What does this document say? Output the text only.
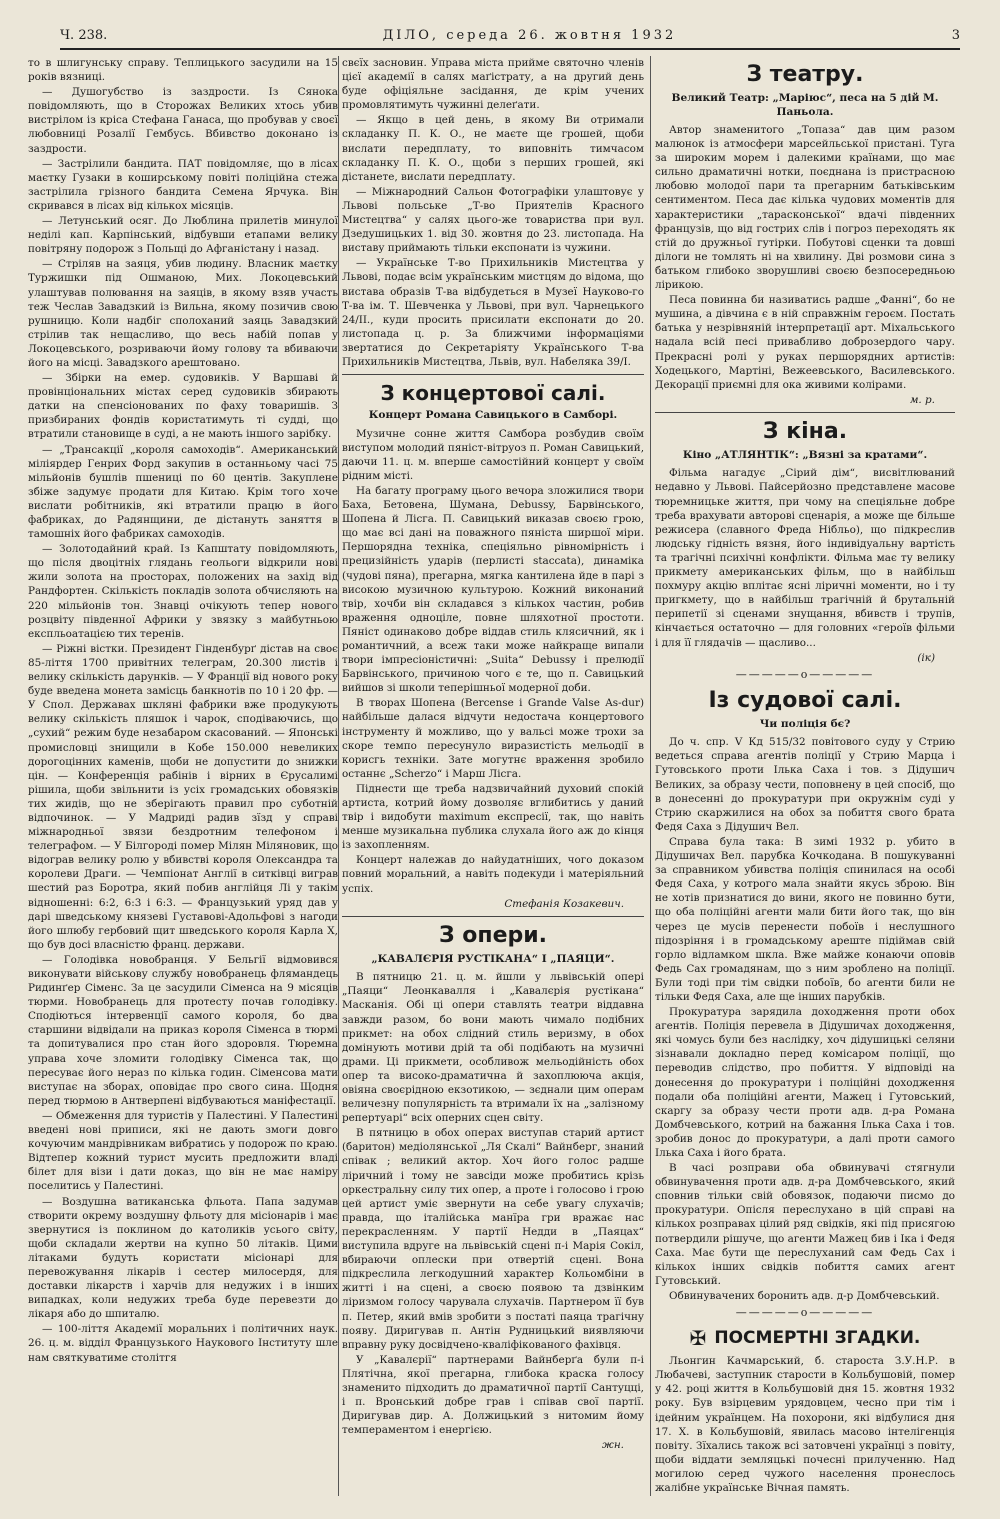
Ч. 238.	ДІЛО, середа 26. жовтня 1932	3

то в шлигунську справу. Теплицького засудили на 15 років вязниці.

— Душогубство із заздрости. Із Сянока повідомляють, що в Сторожах Великих хтось убив вистрілом із кріса Стефана Ганаса, що пробував у своєї любовниці Розалії Гембусь. Вбивство доконано із заздрости.

— Застрілили бандита. ПАТ повідомляє, що в лісах маєтку Гузаки в коширському повіті поліційна стежа застрілила грізного бандита Семена Ярчука. Він скривався в лісах від кількох місяців.

— Летунський осяг. До Люблина прилетів минулої неділі кап. Карпінський, відбувши етапами велику повітряну подорож з Польщі до Афганістану і назад.

— Стріляв на заяця, убив людину. Власник маєтку Туржишки під Ошманою, Мих. Локоцевський улаштував полювання на заяців, в якому взяв участь теж Чеслав Завадзкий із Вильна, якому позичив свою рушницю. Коли надбіг сполоханий заяць Завадзкий стрілив так нещасливо, що весь набій попав у Локоцевського, розриваючи йому голову та вбиваючи його на місці. Завадзкого арештовано.

— Збірки на емер. судовиків. У Варшаві й провінціональних містах серед судовиків збирають датки на спенсіонованих по фаху товаришів. З призбираних фондів користатимуть ті судді, що втратили становище в суді, а не мають іншого зарібку.

— „Трансакції „короля самоходів“. Американський міліярдер Генрих Форд закупив в останньому часі 75 мільйонів бушлів пшениці по 60 центів. Закуплене збіже задумує продати для Китаю. Крім того хоче вислати робітників, які втратили працю в його фабриках, до Радянщини, де дістануть заняття в тамошніх його фабриках самоходів.

— Золотодайний край. Із Капштату повідомляють, що після двоцітніх глядань геольоги відкрили нові жили золота на просторах, положених на захід від Рандфортен. Скількість покладів золота обчисляють на 220 мільйонів тон. Знавці очікують тепер нового розцвіту південної Африки у звязку з майбутньою експльоатацією тих теренів.

— Ріжні вістки. Президент Гінденбурґ дістав на своє 85-ліття 1700 привітних телеграм, 20.300 листів і велику скількість дарунків. — У Франції від нового року буде введена монета замісць банкнотів по 10 і 20 фр. — У Спол. Державах шкляні фабрики вже продукують велику скількість пляшок і чарок, сподіваючись, що „сухий“ режим буде незабаром скасований. — Японські промисловці знищили в Кобе 150.000 невеликих дорогоцінних каменів, щоби не допустити до знижки цін. — Конференція рабінів і вірних в Єрусалимі рішила, щоби звільнити із усіх громадських обовязків тих жидів, що не зберігають правил про суботній відпочинок. — У Мадриді радив зїзд у справі міжнародньої звязи бездротним телефоном і телеграфом. — У Білгороді помер Мілян Міляновик, що відограв велику ролю у вбивстві короля Олександра та королеви Драги. — Чемпіонат Англії в ситківці виграв шестий раз Боротра, який побив англійця Лі у такім відношенні: 6:2, 6:3 і 6:3. — Французький уряд дав у дарі шведському князеві Густавові-Адольфові з нагоди його шлюбу гербовий щит шведського короля Карла Х, що був досі власністю франц. держави.

— Голодівка новобранця. У Бельгії відмовився виконувати військову службу новобранець флямандець Ридинґер Сіменс. За це засудили Сіменса на 9 місяців тюрми. Новобранець для протесту почав голодівку. Сподіються інтервенції самого короля, бо два старшини відвідали на приказ короля Сіменса в тюрмі та допитувалися про стан його здоровля. Тюремна управа хоче зломити голодівку Сіменса так, що пересуває його нераз по кілька годин. Сіменсова мати виступає на зборах, оповідає про свого сина. Щодня перед тюрмою в Антверпені відбуваються маніфестації.

— Обмеження для туристів у Палестині. У Палестині введені нові приписи, які не дають змоги довго кочуючим мандрівникам вибратись у подорож по краю. Відтепер кожний турист мусить предложити владі білет для візи і дати доказ, що він не має наміру поселитись у Палестині.

— Воздушна ватиканська фльота. Папа задумав створити окрему воздушну фльоту для місіонарів і має звернутися із поклином до католиків усього світу, щоби складали жертви на купно 50 літаків. Цими літаками будуть користати місіонарі для перевожування лікарів і сестер милосердя, для доставки лікарств і харчів для недужих і в інших випадках, коли недужих треба буде перевезти до лікаря або до шпиталю.

— 100-ліття Академії моральних і політичних наук. 26. ц. м. відділ Французького Наукового Інституту шле нам святкуватиме столітгя

свєїх засновин. Управа міста прийме святочно членів цієї академії в салях маґістрату, а на другий день буде офіціяльне засідання, де крім учених промовлятимуть чужинні делеґати.

— Якщо в цей день, в якому Ви отримали складанку П. К. О., не маєте ще грошей, щоби вислати передплату, то виповніть тимчасом складанку П. К. О., щоби з перших грошей, які дістанете, вислати передплату.

— Міжнародний Сальон Фотографіки улаштовує у Львові польське „Т-во Приятелів Красного Мистецтва“ у салях цього-же товариства при вул. Дзедушицьких 1. від 30. жовтня до 23. листопада. На виставу приймають тільки експонати із чужини.

— Українське Т-во Прихильників Мистецтва у Львові, подає всім українським мистцям до відома, що виставa образів Т-ва відбудеться в Музеї Науково-го Т-ва ім. Т. Шевченка у Львові, при вул. Чарнецького 24/II., куди просить присилати експонати до 20. листопада ц. р. За ближчими інформаціями звертатися до Секретаріяту Українського Т-ва Прихильників Мистецтва, Львів, вул. Набеляка 39/I.

З концертової салі.
Концерт Романа Савицького в Самборі.

Музичне сонне життя Самбора розбудив своїм виступом молодий пяніст-вітруоз п. Роман Савицький, даючи 11. ц. м. вперше самостійний концерт у своїм рідним місті.

На багату програму цього вечора зложилися твори Баха, Бетовена, Шумана, Debussy, Барвінського, Шопена й Лісга. П. Савицький виказав своєю грою, що має всі дані на поважного пяніста ширшої міри. Першорядна техніка, спеціяльно рівномірність і прецизійність ударів (перлисті staccata), динаміка (чудові пяна), прегарна, мягка кантилена йде в парі з високою музичною культурою. Кожний виконаний твір, хочби він складався з кількох частин, робив враження одноціле, повне шляхотної простоти. Пяніст одинаково добре віддав стиль клясичний, як і романтичний, а всеж таки може найкраще випали твори імпресіоністичні: „Suita“ Debussy і прелюдії Барвінського, причиною чого є те, що п. Савицький вийшов зі школи теперішньої модерної доби.

В творах Шопена (Bercense і Grande Valse As-dur) найбільше далася відчути недостача концертового інструменту й можливо, що у вальсі може трохи за скоре темпо пересунуло виразистість мельодії в корисгь техніки. Зате могутнє враження зробило останнє „Scherzo“ і Марш Лісга.

Піднести ще треба надзвичайний духовий спокій артиста, котрий йому дозволяє вглибитись у даний твір і видобути maximum експресії, так, що навіть менше музикальна публика слухала його аж до кінця із захопленням.

Концерт належав до найудатніших, чого доказом повний моральний, а навіть подекуди і матеріяльний успіх.

Стефанія Козакевич.
З опери.
„КАВАЛЄРІЯ РУСТІКАНА“ І „ПАЯЦИ“.

В пятницю 21. ц. м. йшли у львівській опері „Паяци“ Леонкавалля і „Кавалєрія рустікана“ Масканія. Обі ці опери ставлять театри віддавна завжди разом, бо вони мають чимало подібних прикмет: на обох слідний стиль веризму, в обох домінують мотиви дрій та обі подібають на музичні драми. Ці прикмети, особливож мельодійність обох опер та високо-драматична й захоплююча акція, овіяна своєрідною екзотикою, — зєднали цим операм величезну популярність та втримали їх на „залізному репертуарі“ всіх оперних сцен світу.

В пятницю в обох операх виступав старий артист (баритон) медіолянської „Ля Скалі“ Вайнберг, знаний співак ; великий актор. Хоч його голос радше ліричний і тому не завсіди може пробитись крізь оркестральну силу тих опер, а проте і голосово і грою цей артист уміє звернути на себе увагу слухачів; правда, що італійська манїра гри вражає нас перекрасленням. У партії Недди в „Паяцах“ виступила вдруге на львівській сцені п-і Марія Сокіл, вбираючи оплески при отвертій сцені. Вона підкреслила легкодушний характер Кольомбіни в житті і на сцені, а своєю появою та дзвінким ліризмом голосу чарувала слухачів. Партнером її був п. Петер, який вмів зробити з постаті паяца трагічну появу. Диригував п. Антін Рудницький виявляючи вправну руку досвідчено-кваліфікованого фахівця.

У „Кавалєрії“ партнерами Вайнберґа були п-і Плятічна, якої прегарна, глибока краска голосу знаменито підходить до драматичної партії Сантуцці, і п. Вронський добре грав і співав свої партії. Диригував дир. А. Должицький з нитомим йому темпераментом і енергією.

жн.
З театру.
Великий Театр: „Маріюс“, пеcа на 5 дій М. Паньола.

Автор знаменитого „Топаза“ дав цим разом малюнок із атмосфери марсейльської пристані. Туга за широким морем і далекими країнами, що має сильно драматичні нотки, поєднана із пристрасною любовю молодої пари та прегарним батьківським сентиментом. Песа дає кілька чудових моментів для характеристики „тарасконської“ вдачі південних французів, що від гострих слів і погроз переходять як стій до дружньої гутірки. Побутові сценки та довші ділоги не томлять ні на хвилину. Дві розмови сина з батьком глибоко зворушливі своєю безпосередньою лірикою.

Песа повинна би називатись радше „Фанні“, бо не мушина, а дівчина є в ній справжнім героєм. Постать батька у незрівняній інтерпретації арт. Міхальського надала всій песі привабливо доброзердого чару. Прекрасні ролі у руках першорядних артистів: Ходецького, Мартіні, Вежеевського, Василевського. Декорації приємні для ока живими колірами.

м. р.
З кіна.
Кіно „АТЛЯНТІК“: „Вязні за кратами“.

Фільма нагадує „Сірий дім“, висвітлюваний недавно у Львові. Пайсерйозно представлене масове тюремницьке життя, при чому на спеціяльне добре треба врахувати авторові сценарія, а може ще більше режисера (славного Фреда Нібльо), що підкреслив людську гідність вязня, його індивідуальну вартість та трагічні психічні конфлікти. Фільма має ту велику прикмету американських фільм, що в найбільш похмуру акцію вплітає ясні ліричні моменти, но і ту пригкмету, що в найбільш трагічній й брутальній перипетії зі сценами знущання, вбивств і трупів, кінчається остаточно — для головних «героїв фільми і для її глядачів — щасливо...

(ік)
—————o—————
Із судової салі.
Чи поліція бє?

До ч. спр. V Кд 515/32 повітового суду у Стрию ведеться справа агентів поліції у Стрию Марца і Гутовського проти Ількa Саха і тов. з Дідушич Великих, за образу чести, поповнену в цей спосіб, що в донесенні до прокуратури при окружнім суді у Стрию скаржилися на обох за побиття свого брата Федя Саха з Дідушич Вел.

Справа була така: В зимі 1932 р. убито в Дідушичах Вел. парубка Кочкодана. В пошукуванні за справником убивства поліція спинилася на особі Федя Саха, у котрого мала знайти якусь зброю. Він не хотів признатися до вини, якого не повинно бути, що оба поліційні агенти мали бити його так, що він через це мусів перенести побоїв і неслушного підозріння і в громадському ареште підіймав свій горло відламком шкла. Вже майже конаючи оповів Федь Сах громадянам, що з ним зроблено на поліції. Були тоді при тім свідки побоїв, бо агенти били не тільки Федя Саха, але ще інших парубків.

Прокуратура зарядила доходження проти обох агентів. Поліція перевела в Дідушичах доходження, які чомусь були без наслідку, хоч дідушицькі селяни зізнавали докладно перед комісаром поліції, що переводив слідство, про побиття. У відповіді на донесення до прокуратури і поліційні доходження подали оба поліційні агенти, Мажец і Гутовський, скаргу за образу чести проти адв. д-ра Романа Домбчевського, котрий на бажання Ількa Саха і тов. зробив донос до прокуратури, а далі проти самого Ількa Саха і його брата.

В часі розправи оба обвинувачі стягнули обвинувачення проти адв. д-ра Домбчевського, який сповнив тільки свій обовязок, подаючи писмо до прокуратури. Опісля переслухано в цій справі на кількох розправах цілий ряд свідків, які під присягою потвердили рішуче, що агенти Мажец бив і Ікa і Федя Саха. Має бути ще переслуханий сам Федь Сах і кількох інших свідків побиття самих агент Гутовський.

Обвинувачених боронить адв. д-р Домбчевський.

—————o—————
✠ ПОСМЕРТНІ ЗГАДКИ.

Льонгин Качмарський, б. староста З.У.Н.Р. в Любачеві, заступник старости в Кольбушовій, помер у 42. році життя в Кольбушовій дня 15. жовтня 1932 року. Був взірцевим урядовцем, чесно при тім і ідейним українцем. На похорони, які відбулися дня 17. Х. в Кольбушовій, явилась масово інтелігенція повіту. Зїхались також всі затовчені українці з повіту, щоби віддати земляцькі почесні прилученню. Над могилою серед чужого населення пронеслось жалібне українське Вічная память.
